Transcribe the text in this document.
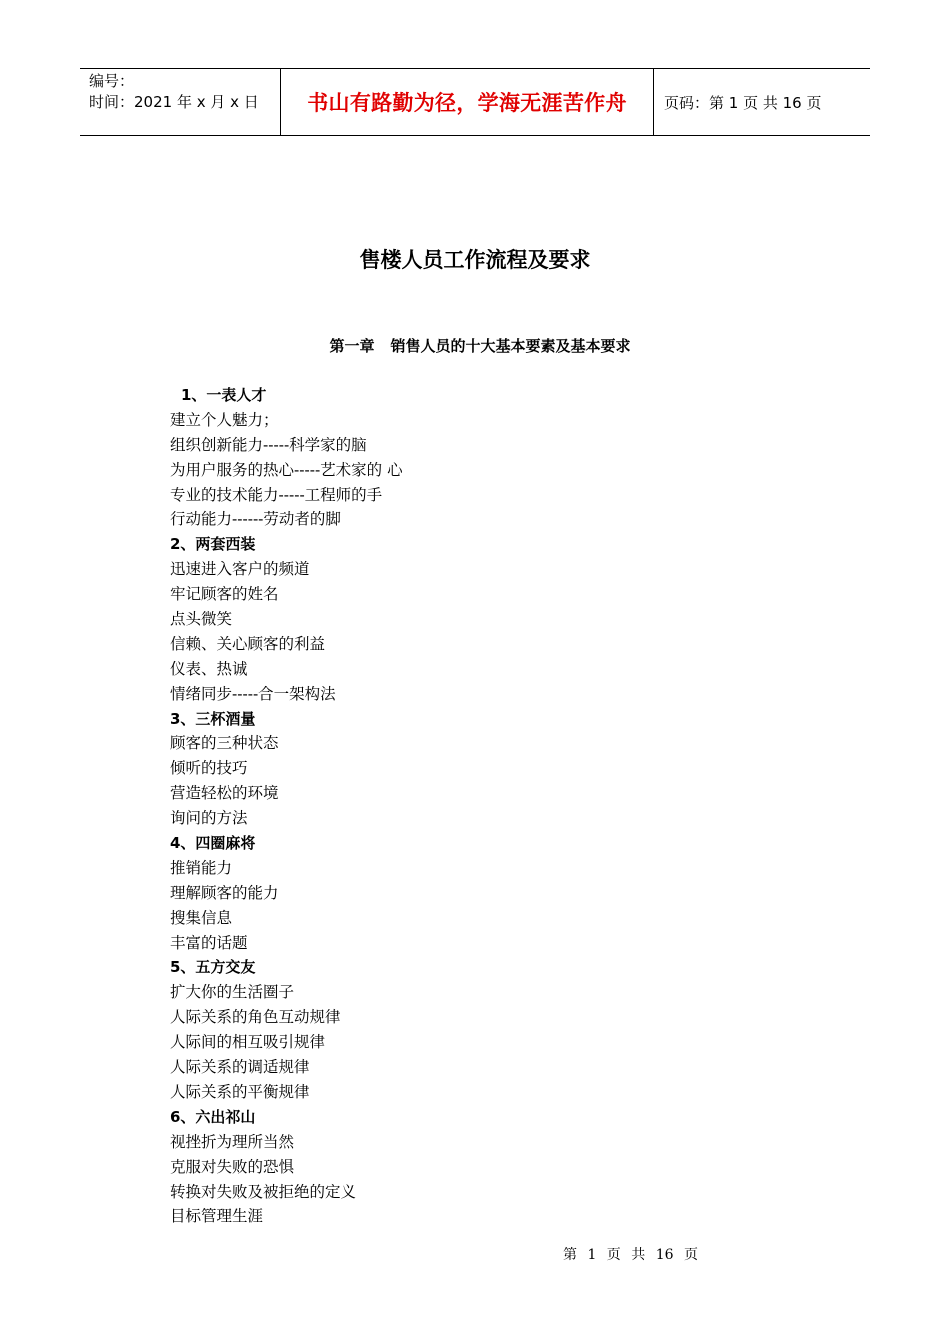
编号：
时间：2021 年 x 月 x 日	书山有路勤为径，学海无涯苦作舟 页码：第 1 页 共 16 页
售楼人员工作流程及要求
第一章 销售人员的十大基本要素及基本要求
1、一表人才
建立个人魅力；
组织创新能力-----科学家的脑
为用户服务的热心-----艺术家的 心
专业的技术能力-----工程师的手
行动能力------劳动者的脚
2、两套西装
迅速进入客户的频道
牢记顾客的姓名
点头微笑
信赖、关心顾客的利益
仪表、热诚
情绪同步-----合一架构法
3、三杯酒量
顾客的三种状态
倾听的技巧
营造轻松的环境
询问的方法
4、四圈麻将
推销能力
理解顾客的能力
搜集信息
丰富的话题
5、五方交友
扩大你的生活圈子
人际关系的角色互动规律
人际间的相互吸引规律
人际关系的调适规律
人际关系的平衡规律
6、六出祁山
视挫折为理所当然
克服对失败的恐惧
转换对失败及被拒绝的定义
目标管理生涯
第 1 页 共 16 页
